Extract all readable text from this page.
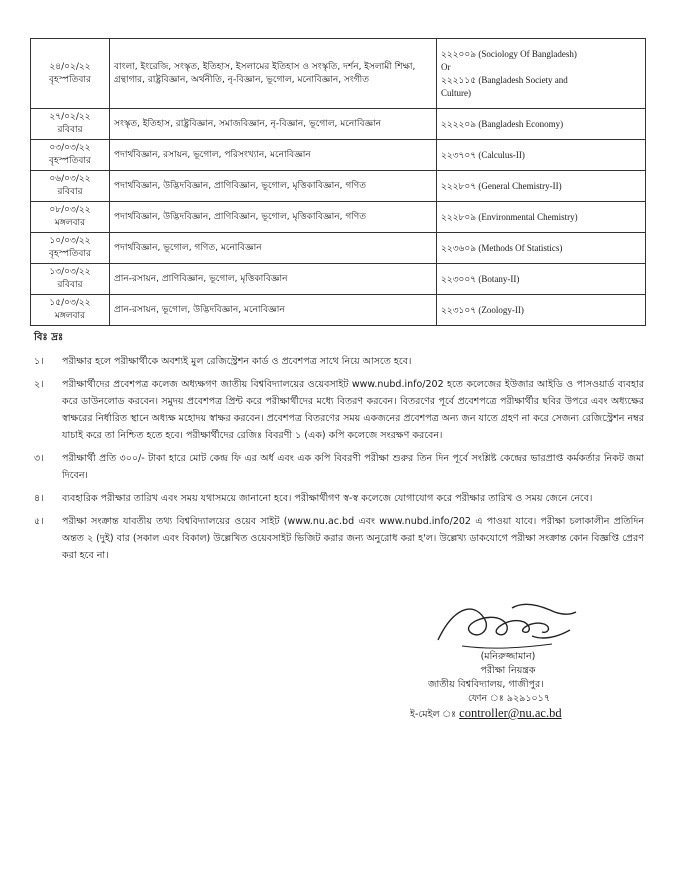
২৪/০২/২২
বৃহস্পতিবার	বাংলা, ইংরেজি, সংস্কৃত, ইতিহাস, ইসলামের ইতিহাস ও সংস্কৃতি, দর্শন, ইসলামী শিক্ষা, গ্রন্থাগার, রাষ্ট্রবিজ্ঞান, অর্থনীতি, নৃ-বিজ্ঞান, ভূগোল, মনোবিজ্ঞান, সংগীত	২২২০০৯ (Sociology Of Bangladesh)
Or
২২২১১৫ (Bangladesh Society and
Culture)

২৭/০২/২২
রবিবার	সংস্কৃত, ইতিহাস, রাষ্ট্রবিজ্ঞান, সমাজবিজ্ঞান, নৃ-বিজ্ঞান, ভূগোল, মনোবিজ্ঞান	২২২২০৯ (Bangladesh Economy)

০৩/০৩/২২
বৃহস্পতিবার	পদার্থবিজ্ঞান, রসায়ন, ভূগোল, পরিসংখ্যান, মনোবিজ্ঞান	২২৩৭০৭ (Calculus-II)

০৬/০৩/২২
রবিবার	পদার্থবিজ্ঞান, উদ্ভিদবিজ্ঞান, প্রাণিবিজ্ঞান, ভূগোল, মৃত্তিকাবিজ্ঞান, গণিত	২২২৮০৭ (General Chemistry-II)

০৮/০৩/২২
মঙ্গলবার	পদার্থবিজ্ঞান, উদ্ভিদবিজ্ঞান, প্রাণিবিজ্ঞান, ভূগোল, মৃত্তিকাবিজ্ঞান, গণিত	২২২৮০৯ (Environmental Chemistry)

১০/০৩/২২
বৃহস্পতিবার	পদার্থবিজ্ঞান, ভূগোল, গণিত, মনোবিজ্ঞান	২২৩৬০৯ (Methods Of Statistics)

১৩/০৩/২২
রবিবার	প্রান-রসায়ন, প্রাণিবিজ্ঞান, ভূগোল, মৃত্তিকাবিজ্ঞান	২২৩০০৭ (Botany-II)

১৫/০৩/২২
মঙ্গলবার	প্রান-রসায়ন, ভূগোল, উদ্ভিদবিজ্ঞান, মনোবিজ্ঞান	২২৩১০৭ (Zoology-II)
বিঃ দ্রঃ
১।	পরীক্ষার হলে পরীক্ষার্থীকে অবশ্যই মুল রেজিস্ট্রেশন কার্ড ও প্রবেশপত্র সাথে নিয়ে আসতে হবে।
২।	পরীক্ষার্থীদের প্রবেশপত্র কলেজ অধ্যক্ষগণ জাতীয় বিশ্ববিদ্যালয়ের ওয়েবসাইট www.nubd.info/202 হতে কলেজের ইউজার আইডি ও পাসওয়ার্ড ব্যবহার করে ডাউনলোড করবেন। সমুদয় প্রবেশপত্র প্রিন্ট করে পরীক্ষার্থীদের মধ্যে বিতরণ করবেন। বিতরণের পূর্বে প্রবেশপত্রে পরীক্ষার্থীর ছবির উপরে এবং অধ্যক্ষের স্বাক্ষরের নির্ধারিত স্থানে অধ্যক্ষ মহোদয় স্বাক্ষর করবেন। প্রবেশপত্র বিতরণের সময় একজনের প্রবেশপত্র অন্য জন যাতে গ্রহণ না করে সেজন্য রেজিস্ট্রেশন নম্বর যাচাই করে তা নিশ্চিত হতে হবে। পরীক্ষার্থীদের রেজিঃ বিবরণী ১ (এক) কপি কলেজে সংরক্ষণ করবেন।
৩।	পরীক্ষার্থী প্রতি ৩০০/- টাকা হারে মোট কেন্দ্র ফি এর অর্ধ এবং এক কপি বিবরণী পরীক্ষা শুরুর তিন দিন পূর্বে সংশ্লিষ্ট কেন্দ্রের ভারপ্রাপ্ত কর্মকর্তার নিকট জমা দিবেন।
৪।	ব্যবহারিক পরীক্ষার তারিখ এবং সময় যথাসময়ে জানানো হবে। পরীক্ষার্থীগণ স্ব-স্ব কলেজে যোগাযোগ করে পরীক্ষার তারিখ ও সময় জেনে নেবে।
৫।	পরীক্ষা সংক্রান্ত যাবতীয় তথ্য বিশ্ববিদ্যালয়ের ওয়েব সাইট (www.nu.ac.bd এবং www.nubd.info/202 এ পাওয়া যাবে। পরীক্ষা চলাকালীন প্রতিদিন অন্তত ২ (দুই) বার (সকাল এবং বিকাল) উল্লেখিত ওয়েবসাইট ভিজিট করার জন্য অনুরোধ করা হ'ল। উল্লেখ্য ডাকযোগে পরীক্ষা সংক্রান্ত কোন বিজ্ঞপ্তি প্রেরণ করা হবে না।
(মনিরুজ্জামান)
পরীক্ষা নিয়ন্ত্রক
জাতীয় বিশ্ববিদ্যালয়, গাজীপুর।
ফোন ঃ ৯২৯১০১৭
ই-মেইল ঃ controller@nu.ac.bd
